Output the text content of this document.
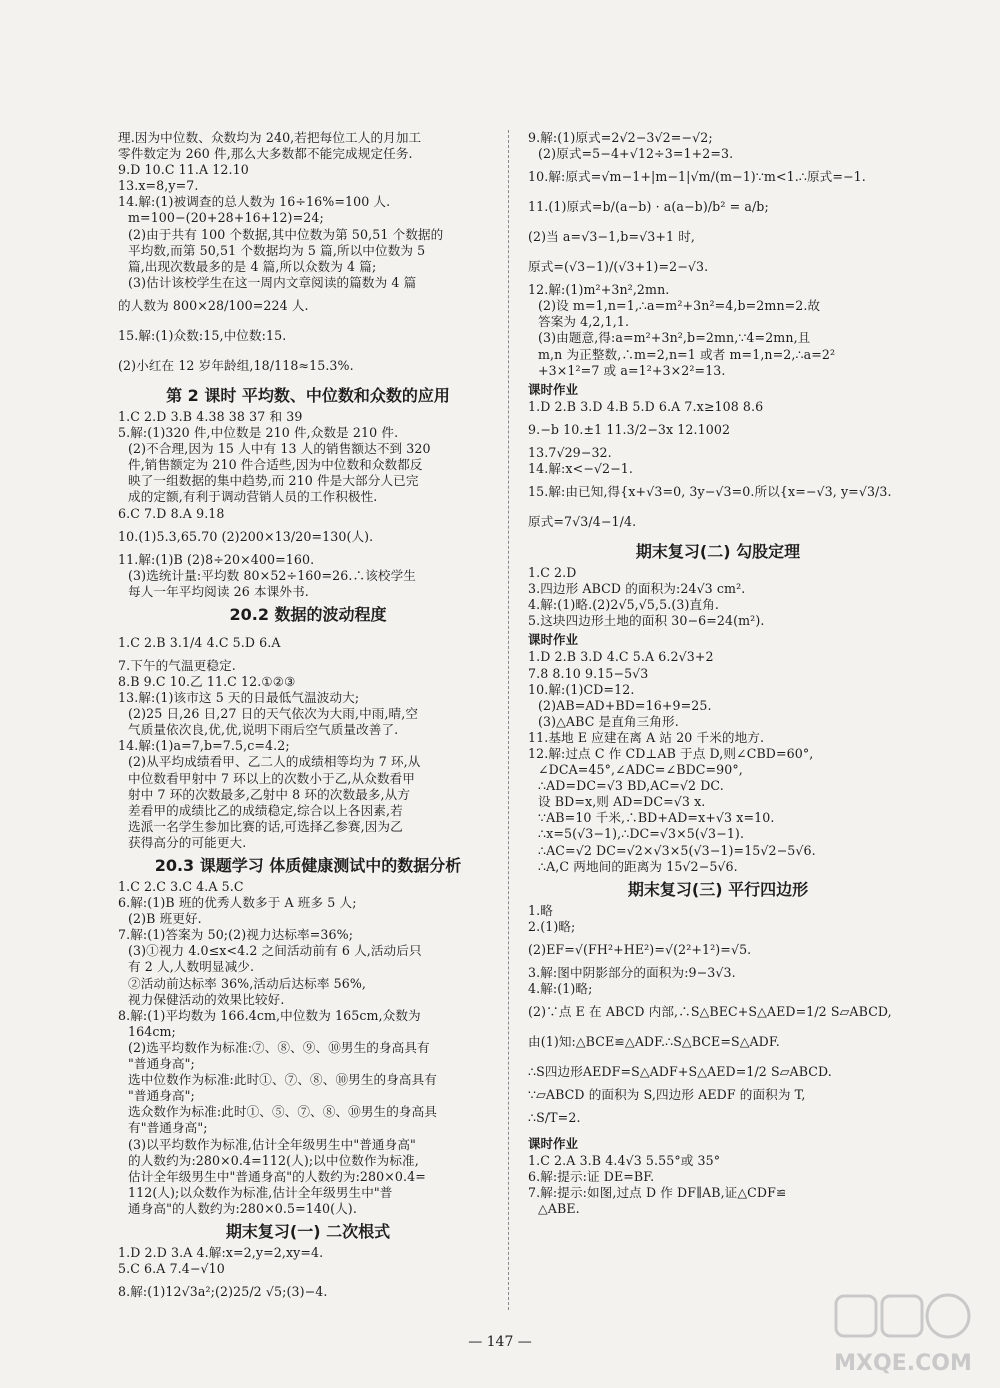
理.因为中位数、众数均为 240,若把每位工人的月加工
零件数定为 260 件,那么大多数都不能完成规定任务.
9.D 10.C 11.A 12.10
13.x=8,y=7.
14.解:(1)被调查的总人数为 16÷16%=100 人.
m=100−(20+28+16+12)=24;
(2)由于共有 100 个数据,其中位数为第 50,51 个数据的
平均数,而第 50,51 个数据均为 5 篇,所以中位数为 5
篇,出现次数最多的是 4 篇,所以众数为 4 篇;
(3)估计该校学生在这一周内文章阅读的篇数为 4 篇
的人数为 800×28/100=224 人.
15.解:(1)众数:15,中位数:15.
(2)小红在 12 岁年龄组,18/118≈15.3%.
第 2 课时 平均数、中位数和众数的应用
1.C 2.D 3.B 4.38 38 37 和 39
5.解:(1)320 件,中位数是 210 件,众数是 210 件.
(2)不合理,因为 15 人中有 13 人的销售额达不到 320
件,销售额定为 210 件合适些,因为中位数和众数都反
映了一组数据的集中趋势,而 210 件是大部分人已完
成的定额,有利于调动营销人员的工作积极性.
6.C 7.D 8.A 9.18
10.(1)5.3,65.70 (2)200×13/20=130(人).
11.解:(1)B (2)8÷20×400=160.
(3)选统计量:平均数 80×52÷160=26.∴该校学生
每人一年平均阅读 26 本课外书.
20.2 数据的波动程度
1.C 2.B 3.1/4 4.C 5.D 6.A
7.下午的气温更稳定.
8.B 9.C 10.乙 11.C 12.①②③
13.解:(1)该市这 5 天的日最低气温波动大;
(2)25 日,26 日,27 日的天气依次为大雨,中雨,晴,空
气质量依次良,优,优,说明下雨后空气质量改善了.
14.解:(1)a=7,b=7.5,c=4.2;
(2)从平均成绩看甲、乙二人的成绩相等均为 7 环,从
中位数看甲射中 7 环以上的次数小于乙,从众数看甲
射中 7 环的次数最多,乙射中 8 环的次数最多,从方
差看甲的成绩比乙的成绩稳定,综合以上各因素,若
选派一名学生参加比赛的话,可选择乙参赛,因为乙
获得高分的可能更大.
20.3 课题学习 体质健康测试中的数据分析
1.C 2.C 3.C 4.A 5.C
6.解:(1)B 班的优秀人数多于 A 班多 5 人;
(2)B 班更好.
7.解:(1)答案为 50;(2)视力达标率=36%;
(3)①视力 4.0≤x<4.2 之间活动前有 6 人,活动后只
有 2 人,人数明显减少.
②活动前达标率 36%,活动后达标率 56%,
视力保健活动的效果比较好.
8.解:(1)平均数为 166.4cm,中位数为 165cm,众数为
164cm;
(2)选平均数作为标准:⑦、⑧、⑨、⑩男生的身高具有
"普通身高";
选中位数作为标准:此时①、⑦、⑧、⑩男生的身高具有
"普通身高";
选众数作为标准:此时①、⑤、⑦、⑧、⑩男生的身高具
有"普通身高";
(3)以平均数作为标准,估计全年级男生中"普通身高"
的人数约为:280×0.4=112(人);以中位数作为标准,
估计全年级男生中"普通身高"的人数约为:280×0.4=
112(人);以众数作为标准,估计全年级男生中"普
通身高"的人数约为:280×0.5=140(人).
期末复习(一) 二次根式
1.D 2.D 3.A 4.解:x=2,y=2,xy=4.
5.C 6.A 7.4−√10
8.解:(1)12√3a²;(2)25/2 √5;(3)−4.
9.解:(1)原式=2√2−3√2=−√2;
(2)原式=5−4+√12÷3=1+2=3.
10.解:原式=√m−1+|m−1|√m/(m−1)∵m<1.∴原式=−1.
11.(1)原式=b/(a−b) · a(a−b)/b² = a/b;
(2)当 a=√3−1,b=√3+1 时,
原式=(√3−1)/(√3+1)=2−√3.
12.解:(1)m²+3n²,2mn.
(2)设 m=1,n=1,∴a=m²+3n²=4,b=2mn=2.故
答案为 4,2,1,1.
(3)由题意,得:a=m²+3n²,b=2mn,∵4=2mn,且
m,n 为正整数,∴m=2,n=1 或者 m=1,n=2,∴a=2²
+3×1²=7 或 a=1²+3×2²=13.
课时作业
1.D 2.B 3.D 4.B 5.D 6.A 7.x≥108 8.6
9.−b 10.±1 11.3/2−3x 12.1002
13.7√29−32.
14.解:x<−√2−1.
15.解:由已知,得{x+√3=0, 3y−√3=0.所以{x=−√3, y=√3/3.
原式=7√3/4−1/4.
期末复习(二) 勾股定理
1.C 2.D
3.四边形 ABCD 的面积为:24√3 cm².
4.解:(1)略.(2)2√5,√5,5.(3)直角.
5.这块四边形土地的面积 30−6=24(m²).
课时作业
1.D 2.B 3.D 4.C 5.A 6.2√3+2
7.8 8.10 9.15−5√3
10.解:(1)CD=12.
(2)AB=AD+BD=16+9=25.
(3)△ABC 是直角三角形.
11.基地 E 应建在离 A 站 20 千米的地方.
12.解:过点 C 作 CD⊥AB 于点 D,则∠CBD=60°,
∠DCA=45°,∠ADC=∠BDC=90°,
∴AD=DC=√3 BD,AC=√2 DC.
设 BD=x,则 AD=DC=√3 x.
∵AB=10 千米,∴BD+AD=x+√3 x=10.
∴x=5(√3−1),∴DC=√3×5(√3−1).
∴AC=√2 DC=√2×√3×5(√3−1)=15√2−5√6.
∴A,C 两地间的距离为 15√2−5√6.
期末复习(三) 平行四边形
1.略
2.(1)略;
(2)EF=√(FH²+HE²)=√(2²+1²)=√5.
3.解:图中阴影部分的面积为:9−3√3.
4.解:(1)略;
(2)∵点 E 在 ABCD 内部,∴S△BEC+S△AED=1/2 S▱ABCD,
由(1)知:△BCE≌△ADF.∴S△BCE=S△ADF.
∴S四边形AEDF=S△ADF+S△AED=1/2 S▱ABCD.
∵▱ABCD 的面积为 S,四边形 AEDF 的面积为 T,
∴S/T=2.
课时作业
1.C 2.A 3.B 4.4√3 5.55°或 35°
6.解:提示:证 DE=BF.
7.解:提示:如图,过点 D 作 DF∥AB,证△CDF≌
△ABE.
— 147 —
MXQE.COM
